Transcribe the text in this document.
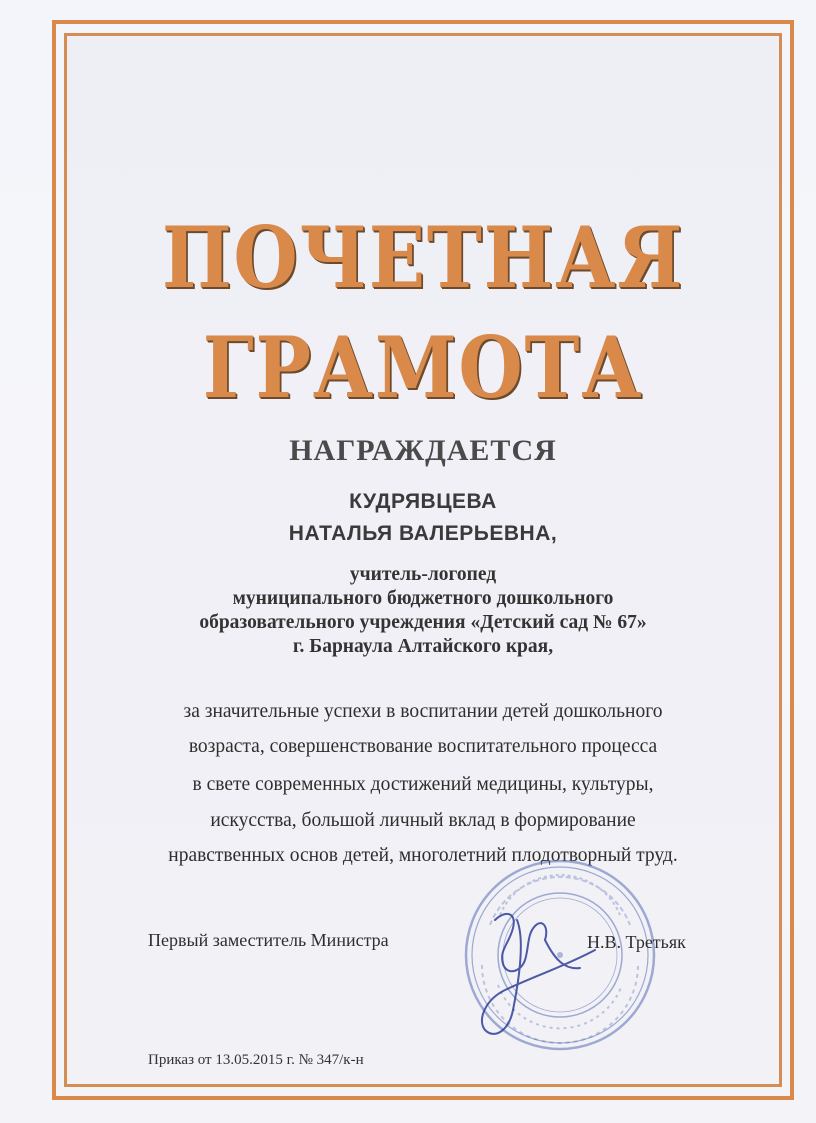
ПОЧЕТНАЯ
ГРАМОТА
НАГРАЖДАЕТСЯ
КУДРЯВЦЕВА
НАТАЛЬЯ ВАЛЕРЬЕВНА,
учитель-логопед
муниципального бюджетного дошкольного
образовательного учреждения «Детский сад № 67»
г. Барнаула Алтайского края,
за значительные успехи в воспитании детей дошкольного
возраста, совершенствование воспитательного процесса
в свете современных достижений медицины, культуры,
искусства, большой личный вклад в формирование
нравственных основ детей, многолетний плодотворный труд.
Первый заместитель Министра	Н.В. Третьяк
Приказ от 13.05.2015 г. № 347/к-н
